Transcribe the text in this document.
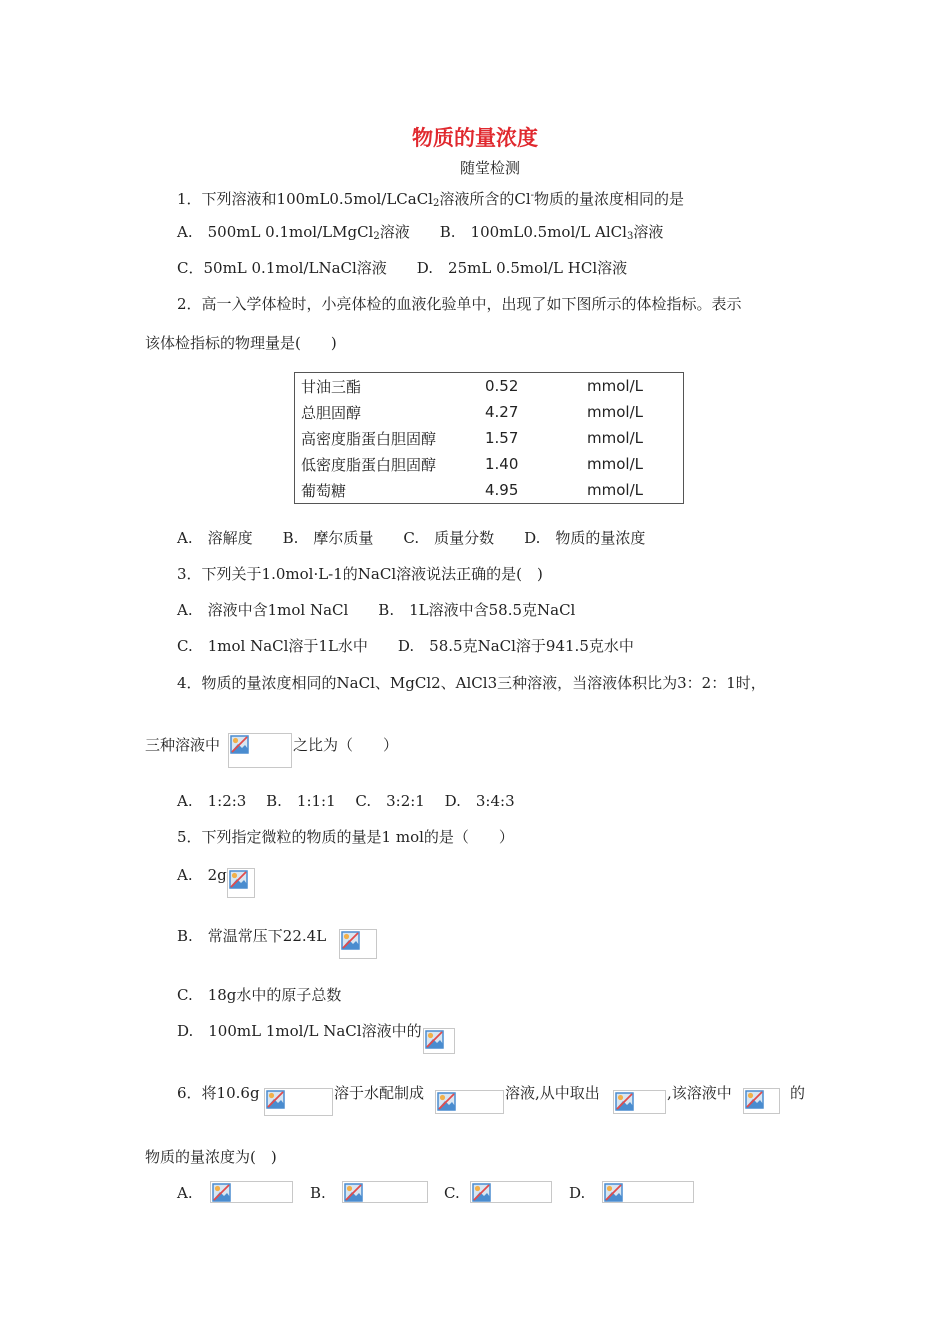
物质的量浓度
随堂检测
1．下列溶液和100mL0.5mol/LCaCl$_2$溶液所含的Cl-物质的量浓度相同的是
A.　500mL 0.1mol/LMgCl$_2$溶液 B.　100mL0.5mol/L AlCl$_3$溶液
C．50mL 0.1mol/LNaCl溶液 D.　25mL 0.5mol/L HCl溶液
2．高一入学体检时，小亮体检的血液化验单中，出现了如下图所示的体检指标。表示
该体检指标的物理量是(　　)
甘油三酯	0.52	mmol/L
总胆固醇	4.27	mmol/L
高密度脂蛋白胆固醇	1.57	mmol/L
低密度脂蛋白胆固醇	1.40	mmol/L
葡萄糖	4.95	mmol/L
A.　溶解度　　B.　摩尔质量　　C.　质量分数　　D.　物质的量浓度
3．下列关于1.0mol·L-1的NaCl溶液说法正确的是(　)
A.　溶液中含1mol NaCl　　B.　1L溶液中含58.5克NaCl
C.　1mol NaCl溶于1L水中　　D.　58.5克NaCl溶于941.5克水中
4．物质的量浓度相同的NaCl、MgCl2、AlCl3三种溶液，当溶液体积比为3：2：1时，
三种溶液中	之比为（　　）
A.　1:2:3　 B.　1:1:1　 C.　3:2:1　 D.　3:4:3
5．下列指定微粒的物质的量是1 mol的是（　　）
A.　2g
B.　常温常压下22.4L
C.　18g水中的原子总数
D.　100mL 1mol/L NaCl溶液中的
6．将10.6g	溶于水配制成	溶液,从中取出	,该溶液中	的
物质的量浓度为(　)
A.	B.	C.	D.
